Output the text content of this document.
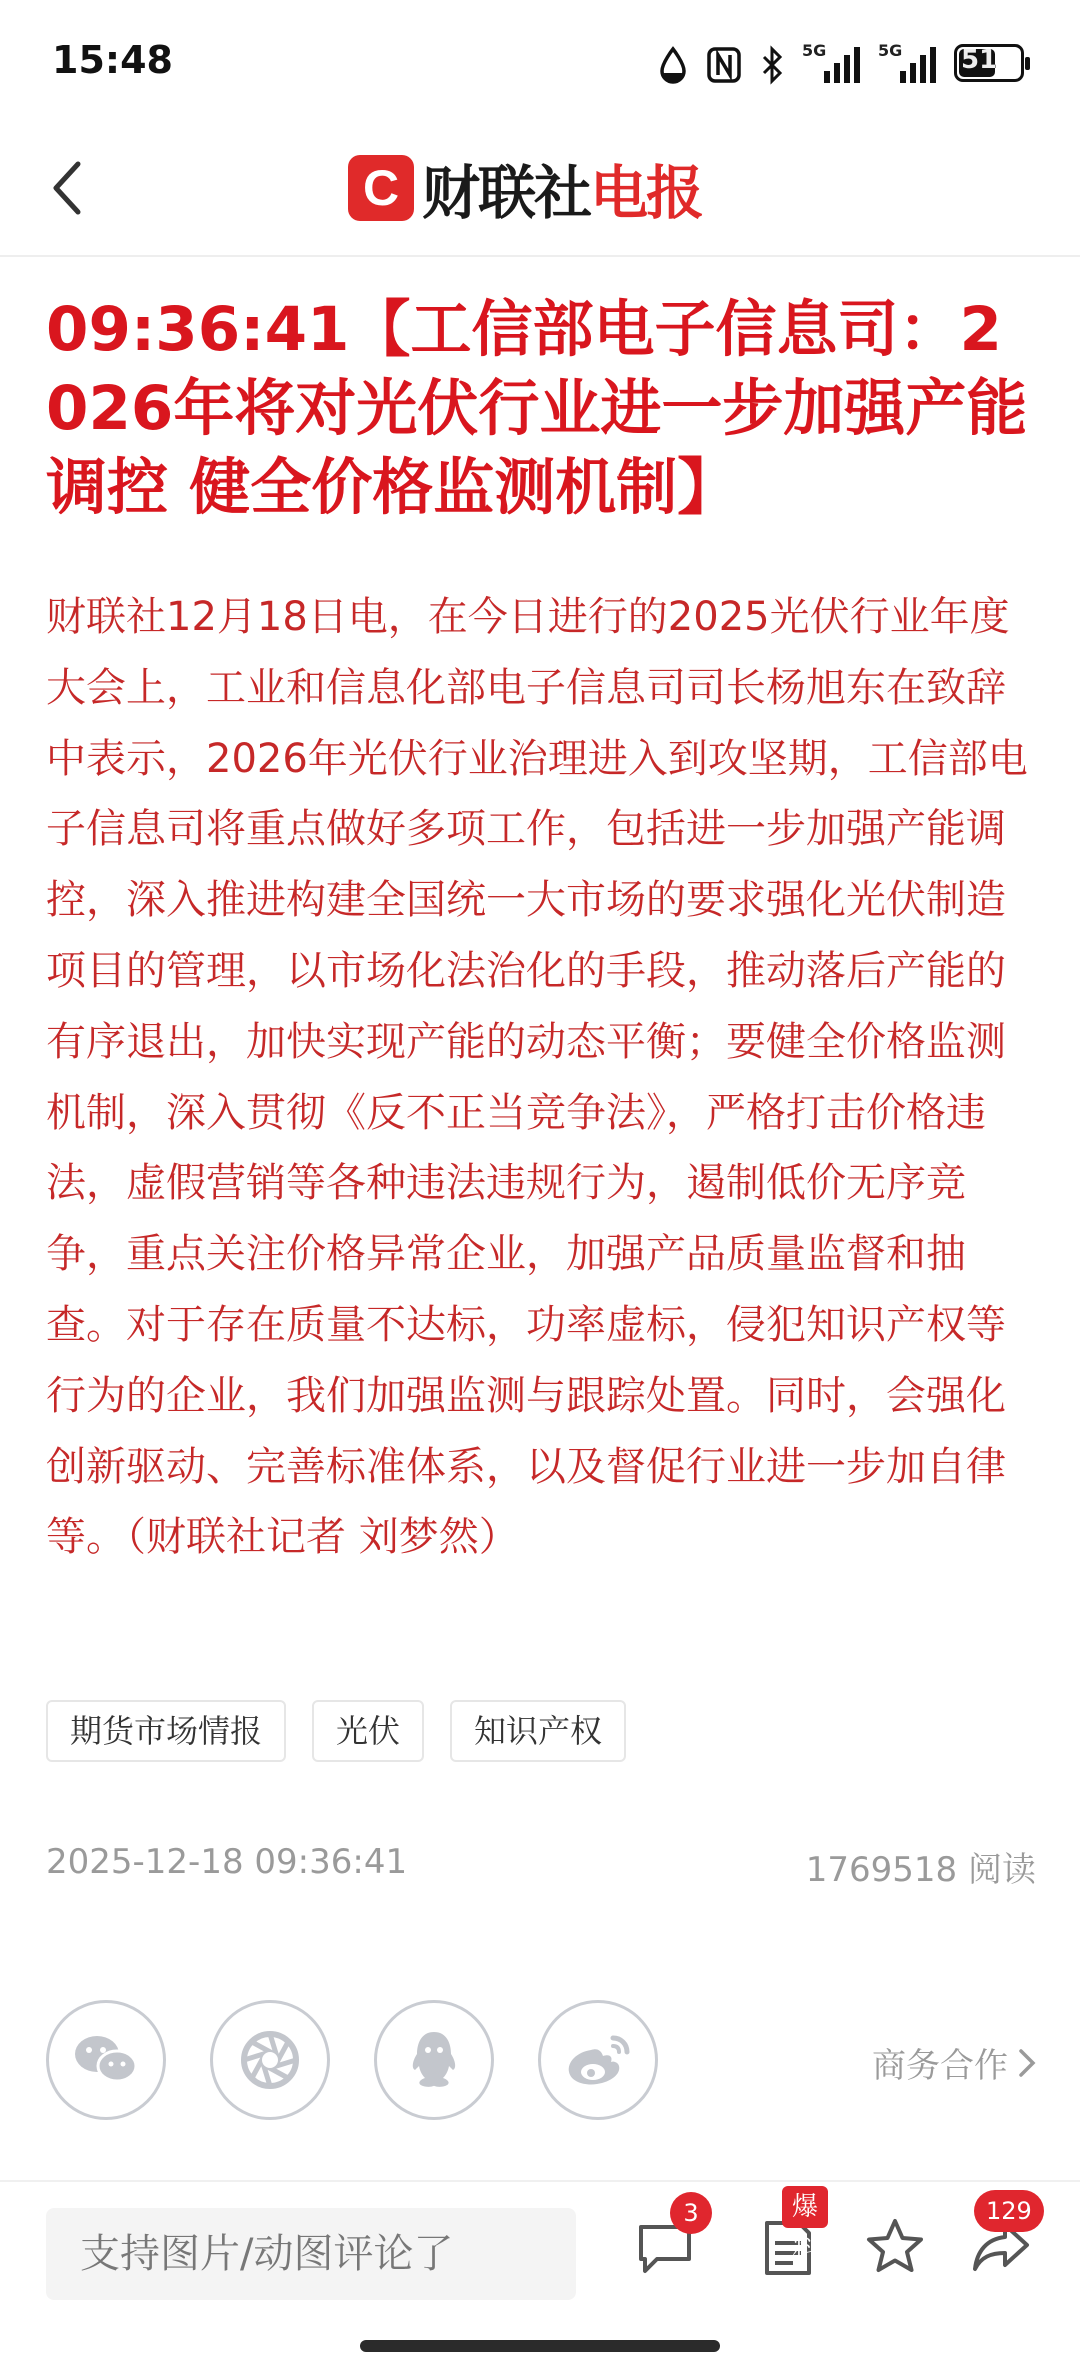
15:48	5G	5G 51
C 财联社 电报
09:36:41【工信部电子信息司：2026年将对光伏行业进一步加强产能调控 健全价格监测机制】

财联社12月18日电，在今日进行的2025光伏行业年度大会上，工业和信息化部电子信息司司长杨旭东在致辞中表示，2026年光伏行业治理进入到攻坚期，工信部电子信息司将重点做好多项工作，包括进一步加强产能调控，深入推进构建全国统一大市场的要求强化光伏制造项目的管理，以市场化法治化的手段，推动落后产能的有序退出，加快实现产能的动态平衡；要健全价格监测机制，深入贯彻《反不正当竞争法》，严格打击价格违法，虚假营销等各种违法违规行为，遏制低价无序竞争，重点关注价格异常企业，加强产品质量监督和抽查。对于存在质量不达标，功率虚标，侵犯知识产权等行为的企业，我们加强监测与跟踪处置。同时，会强化创新驱动、完善标准体系，以及督促行业进一步加自律等。（财联社记者 刘梦然）

期货市场情报	光伏	知识产权
2025-12-18 09:36:41	1769518 阅读
商务合作
支持图片/动图评论了
3	爆料
129
